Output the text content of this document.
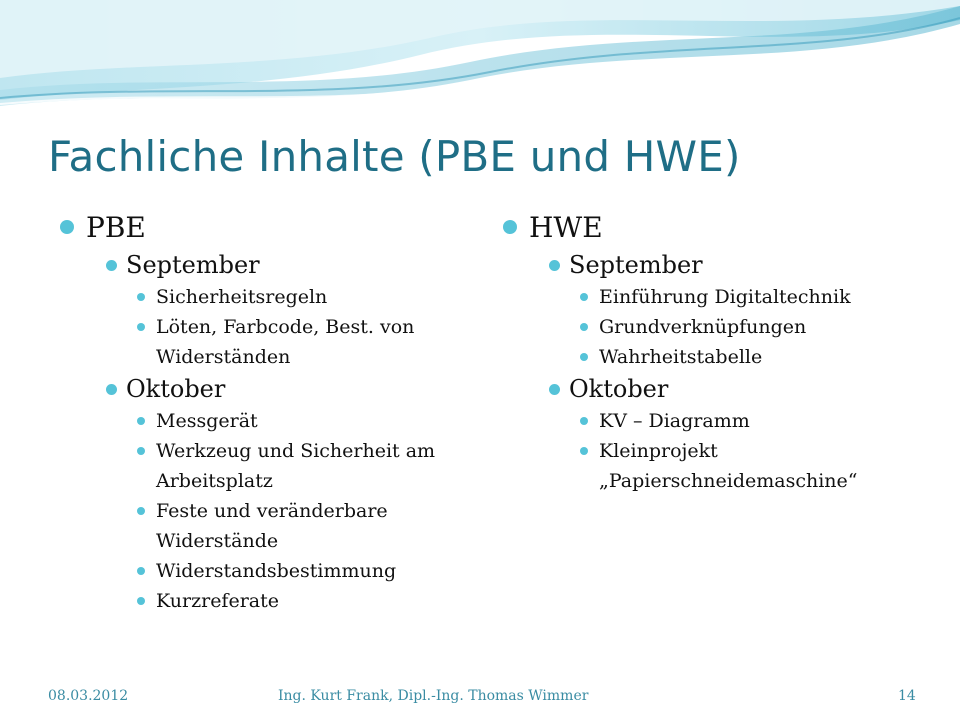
Fachliche Inhalte (PBE und HWE)
PBE
September
Sicherheitsregeln
Löten, Farbcode, Best. von Widerständen
Oktober
Messgerät
Werkzeug und Sicherheit am Arbeitsplatz
Feste und veränderbare Widerstände
Widerstandsbestimmung
Kurzreferate
HWE
September
Einführung Digitaltechnik
Grundverknüpfungen
Wahrheitstabelle
Oktober
KV – Diagramm
Kleinprojekt „Papierschneidemaschine“
08.03.2012	Ing. Kurt Frank, Dipl.-Ing. Thomas Wimmer	14
